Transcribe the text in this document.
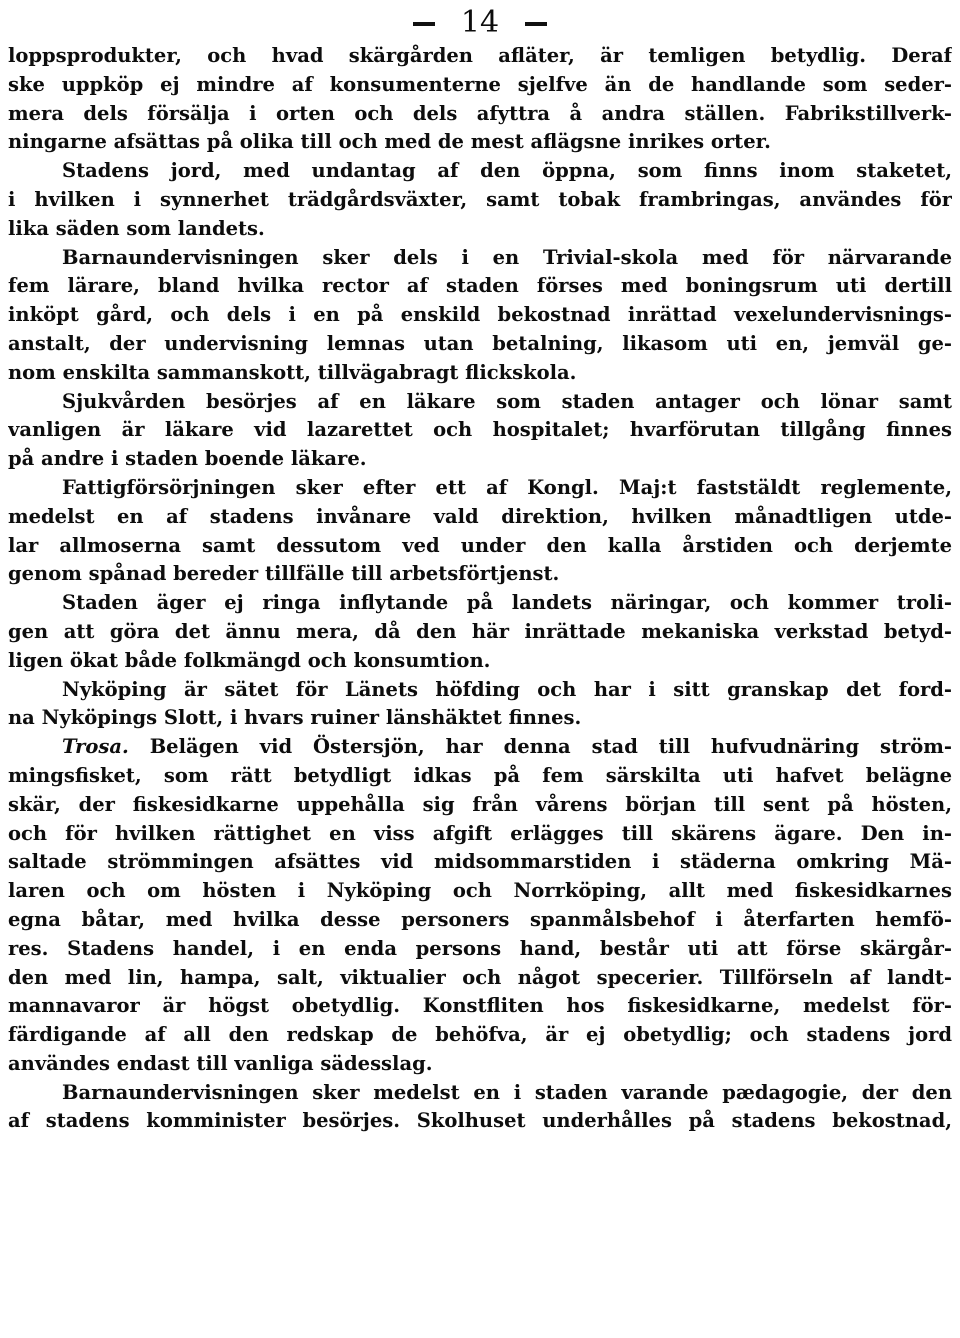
14

loppsprodukter, och hvad skärgården afläter, är temligen betydlig. Deraf
ske uppköp ej mindre af konsumenterne sjelfve än de handlande som seder-
mera dels försälja i orten och dels afyttra å andra ställen. Fabrikstillverk-
ningarne afsättas på olika till och med de mest aflägsne inrikes orter.

Stadens jord, med undantag af den öppna, som finns inom staketet,
i hvilken i synnerhet trädgårdsväxter, samt tobak frambringas, användes för
lika säden som landets.

Barnaundervisningen sker dels i en Trivial-skola med för närvarande
fem lärare, bland hvilka rector af staden förses med boningsrum uti dertill
inköpt gård, och dels i en på enskild bekostnad inrättad vexelundervisnings-
anstalt, der undervisning lemnas utan betalning, likasom uti en, jemväl ge-
nom enskilta sammanskott, tillvägabragt flickskola.

Sjukvården besörjes af en läkare som staden antager och lönar samt
vanligen är läkare vid lazarettet och hospitalet; hvarförutan tillgång finnes
på andre i staden boende läkare.

Fattigförsörjningen sker efter ett af Kongl. Maj:t faststäldt reglemente,
medelst en af stadens invånare vald direktion, hvilken månadtligen utde-
lar allmoserna samt dessutom ved under den kalla årstiden och derjemte
genom spånad bereder tillfälle till arbetsförtjenst.

Staden äger ej ringa inflytande på landets näringar, och kommer troli-
gen att göra det ännu mera, då den här inrättade mekaniska verkstad betyd-
ligen ökat både folkmängd och konsumtion.

Nyköping är sätet för Länets höfding och har i sitt granskap det ford-
na Nyköpings Slott, i hvars ruiner länshäktet finnes.

Trosa. Belägen vid Östersjön, har denna stad till hufvudnäring ström-
mingsfisket, som rätt betydligt idkas på fem särskilta uti hafvet belägne
skär, der fiskesidkarne uppehålla sig från vårens början till sent på hösten,
och för hvilken rättighet en viss afgift erlägges till skärens ägare. Den in-
saltade strömmingen afsättes vid midsommarstiden i städerna omkring Mä-
laren och om hösten i Nyköping och Norrköping, allt med fiskesidkarnes
egna båtar, med hvilka desse personers spanmålsbehof i återfarten hemfö-
res. Stadens handel, i en enda persons hand, består uti att förse skärgår-
den med lin, hampa, salt, viktualier och något specerier. Tillförseln af landt-
mannavaror är högst obetydlig. Konstfliten hos fiskesidkarne, medelst för-
färdigande af all den redskap de behöfva, är ej obetydlig; och stadens jord
användes endast till vanliga sädesslag.

Barnaundervisningen sker medelst en i staden varande pædagogie, der den
af stadens komminister besörjes. Skolhuset underhålles på stadens bekostnad,
